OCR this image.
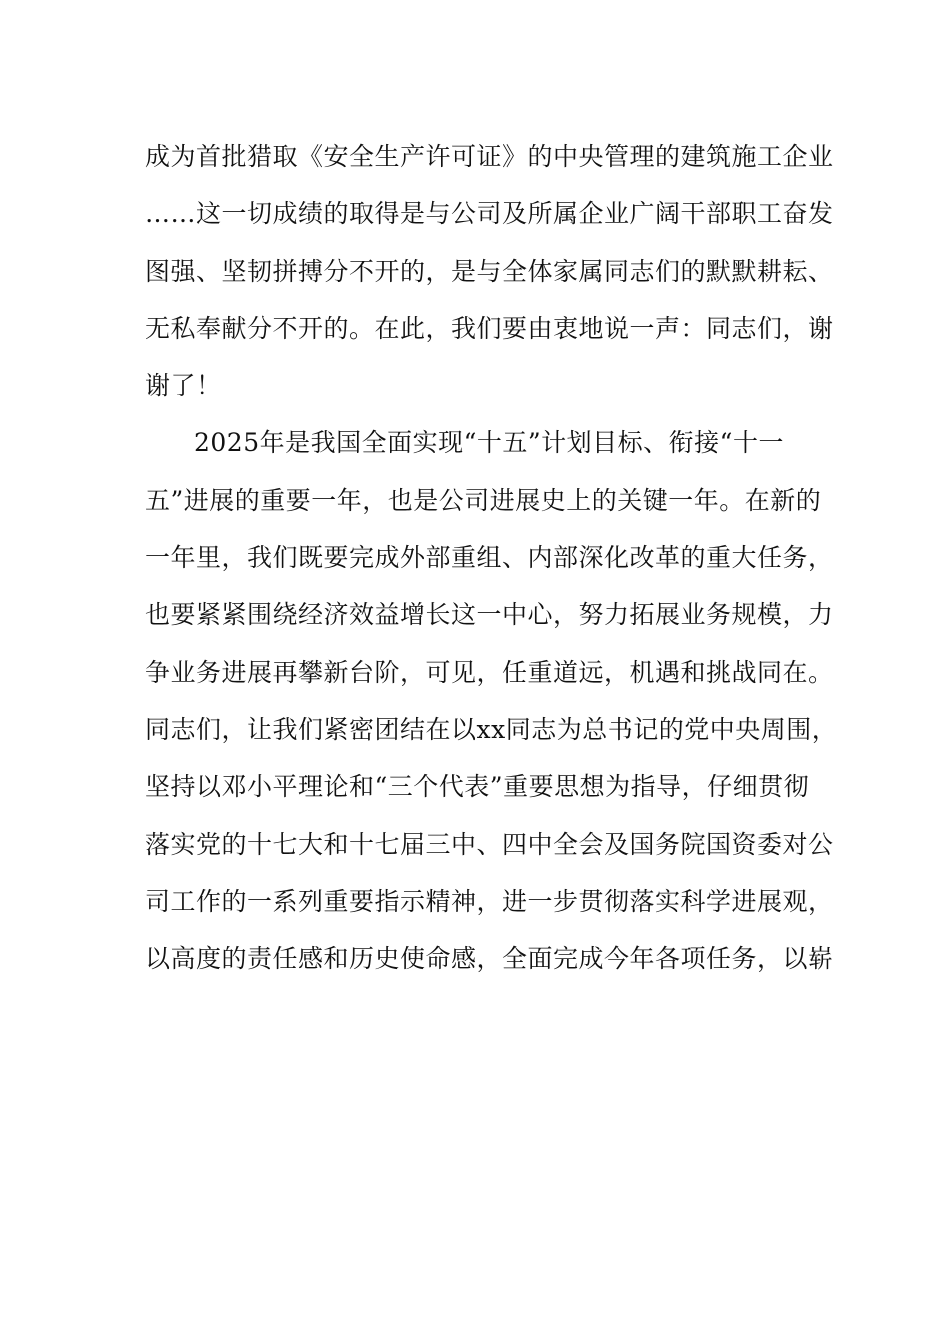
成为首批猎取《安全生产许可证》的中央管理的建筑施工企业
……这一切成绩的取得是与公司及所属企业广阔干部职工奋发
图强、坚韧拼搏分不开的，是与全体家属同志们的默默耕耘、
无私奉献分不开的。在此，我们要由衷地说一声：同志们，谢
谢了！
2025年是我国全面实现“十五”计划目标、衔接“十一
五”进展的重要一年，也是公司进展史上的关键一年。在新的
一年里，我们既要完成外部重组、内部深化改革的重大任务，
也要紧紧围绕经济效益增长这一中心，努力拓展业务规模，力
争业务进展再攀新台阶，可见，任重道远，机遇和挑战同在。
同志们，让我们紧密团结在以xx同志为总书记的党中央周围，
坚持以邓小平理论和“三个代表”重要思想为指导，仔细贯彻
落实党的十七大和十七届三中、四中全会及国务院国资委对公
司工作的一系列重要指示精神，进一步贯彻落实科学进展观，
以高度的责任感和历史使命感，全面完成今年各项任务，以崭
